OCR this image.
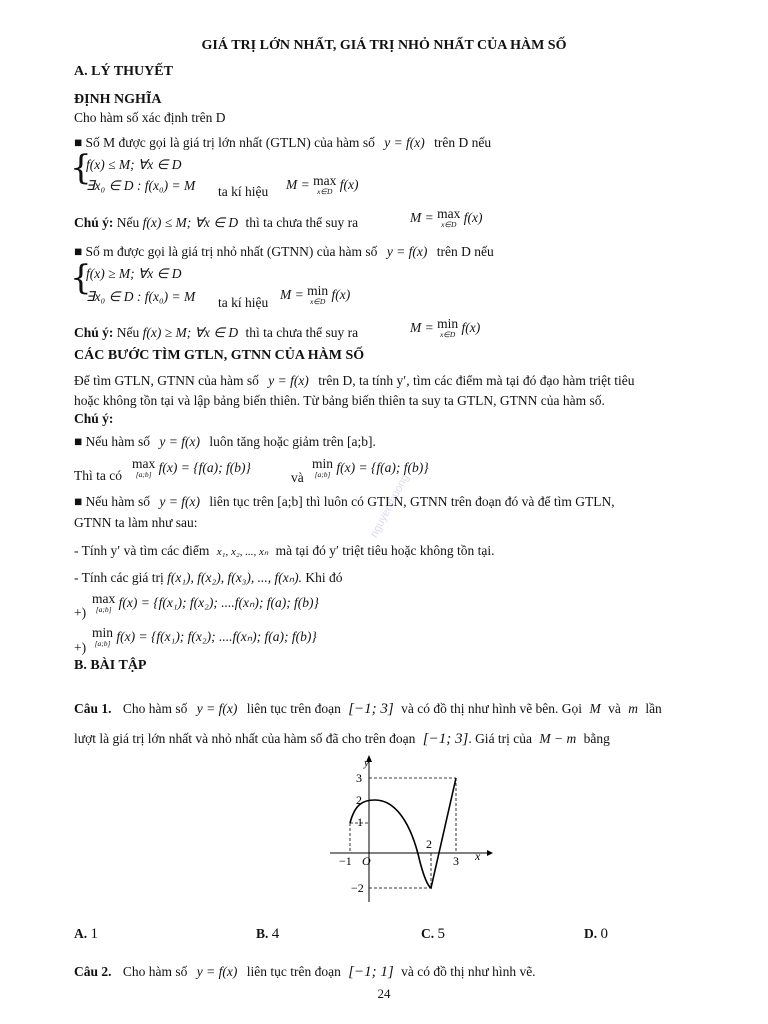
GIÁ TRỊ LỚN NHẤT, GIÁ TRỊ NHỎ NHẤT CỦA HÀM SỐ
A. LÝ THUYẾT
ĐỊNH NGHĨA
Cho hàm số xác định trên D
■ Số M được gọi là giá trị lớn nhất (GTLN) của hàm số y = f(x) trên D nếu
{
f(x) ≤ M; ∀x ∈ D
∃x₀ ∈ D : f(x₀) = M ta kí hiệu M = max
x∈D f(x)
Chú ý: Nếu f(x) ≤ M; ∀x ∈ D thì ta chưa thể suy ra	M = max
x∈D f(x)
■ Số m được gọi là giá trị nhỏ nhất (GTNN) của hàm số y = f(x) trên D nếu
{
f(x) ≥ M; ∀x ∈ D
∃x₀ ∈ D : f(x₀) = M ta kí hiệu
M = min
x∈D f(x)
Chú ý: Nếu f(x) ≥ M; ∀x ∈ D thì ta chưa thể suy ra	M = min
x∈D f(x)
CÁC BƯỚC TÌM GTLN, GTNN CỦA HÀM SỐ
Để tìm GTLN, GTNN của hàm số y = f(x) trên D, ta tính y′, tìm các điểm mà tại đó đạo hàm triệt tiêu
hoặc không tồn tại và lập bảng biến thiên. Từ bảng biến thiên ta suy ta GTLN, GTNN của hàm số.
Chú ý:
■ Nếu hàm số y = f(x) luôn tăng hoặc giảm trên [a;b].
Thì ta có
max
[a;b] f(x) = {f(a); f(b)}
và
min
[a;b] f(x) = {f(a); f(b)}
■ Nếu hàm số y = f(x) liên tục trên [a;b] thì luôn có GTLN, GTNN trên đoạn đó và để tìm GTLN,
GTNN ta làm như sau:
- Tính y′ và tìm các điểm x₁, x₂, ..., xₙ mà tại đó y′ triệt tiêu hoặc không tồn tại.
- Tính các giá trị f(x₁), f(x₂), f(x₃), ..., f(xₙ). Khi đó
+)
max
[a;b] f(x) = {f(x₁); f(x₂); ....f(xₙ); f(a); f(b)}
+)
min
[a;b] f(x) = {f(x₁); f(x₂); ....f(xₙ); f(a); f(b)}
B. BÀI TẬP
Câu 1. Cho hàm số y = f(x) liên tục trên đoạn [−1; 3] và có đồ thị như hình vẽ bên. Gọi M và m lần
lượt là giá trị lớn nhất và nhỏ nhất của hàm số đã cho trên đoạn [−1; 3]. Giá trị của M − m bằng
y
x
O
3
2
1
−2
−1
2
3
A. 1	B. 4	C. 5	D. 0
Câu 2. Cho hàm số y = f(x) liên tục trên đoạn [−1; 1] và có đồ thị như hình vẽ.
nguyenthuong
24
